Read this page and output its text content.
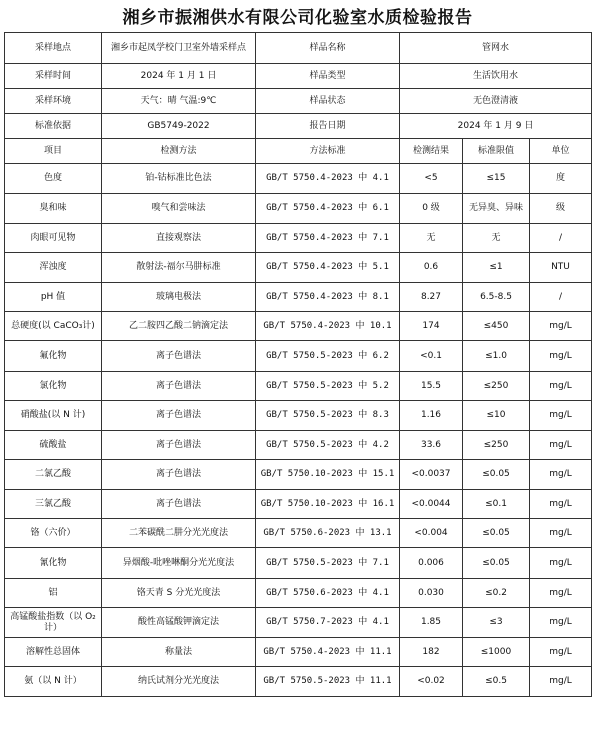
湘乡市振湘供水有限公司化验室水质检验报告
采样地点	湘乡市起凤学校门卫室外墙采样点	样品名称	管网水		
采样时间	2024 年 1 月 1 日	样品类型	生活饮用水		
采样环境	天气：晴 气温:9℃	样品状态	无色澄清液		
标准依据	GB5749-2022	报告日期	2024 年 1 月 9 日		
项目	检测方法	方法标准	检测结果	标准限值	单位
色度	铂-钴标准比色法	GB/T 5750.4-2023 中 4.1	<5	≤15	度
臭和味	嗅气和尝味法	GB/T 5750.4-2023 中 6.1	0 级	无异臭、异味	级
肉眼可见物	直接观察法	GB/T 5750.4-2023 中 7.1	无	无	/
浑浊度	散射法-福尔马肼标准	GB/T 5750.4-2023 中 5.1	0.6	≤1	NTU
pH 值	玻璃电极法	GB/T 5750.4-2023 中 8.1	8.27	6.5-8.5	/
总硬度(以 CaCO₃计)	乙二胺四乙酸二钠滴定法	GB/T 5750.4-2023 中 10.1	174	≤450	mg/L
氟化物	离子色谱法	GB/T 5750.5-2023 中 6.2	<0.1	≤1.0	mg/L
氯化物	离子色谱法	GB/T 5750.5-2023 中 5.2	15.5	≤250	mg/L
硝酸盐(以 N 计)	离子色谱法	GB/T 5750.5-2023 中 8.3	1.16	≤10	mg/L
硫酸盐	离子色谱法	GB/T 5750.5-2023 中 4.2	33.6	≤250	mg/L
二氯乙酸	离子色谱法	GB/T 5750.10-2023 中 15.1	<0.0037	≤0.05	mg/L
三氯乙酸	离子色谱法	GB/T 5750.10-2023 中 16.1	<0.0044	≤0.1	mg/L
铬（六价）	二苯碳酰二肼分光光度法	GB/T 5750.6-2023 中 13.1	<0.004	≤0.05	mg/L
氰化物	异烟酸-吡唑啉酮分光光度法	GB/T 5750.5-2023 中 7.1	0.006	≤0.05	mg/L
铝	铬天青 S 分光光度法	GB/T 5750.6-2023 中 4.1	0.030	≤0.2	mg/L
高锰酸盐指数（以 O₂ 计）	酸性高锰酸钾滴定法	GB/T 5750.7-2023 中 4.1	1.85	≤3	mg/L
溶解性总固体	称量法	GB/T 5750.4-2023 中 11.1	182	≤1000	mg/L
氨（以 N 计）	纳氏试剂分光光度法	GB/T 5750.5-2023 中 11.1	<0.02	≤0.5	mg/L
